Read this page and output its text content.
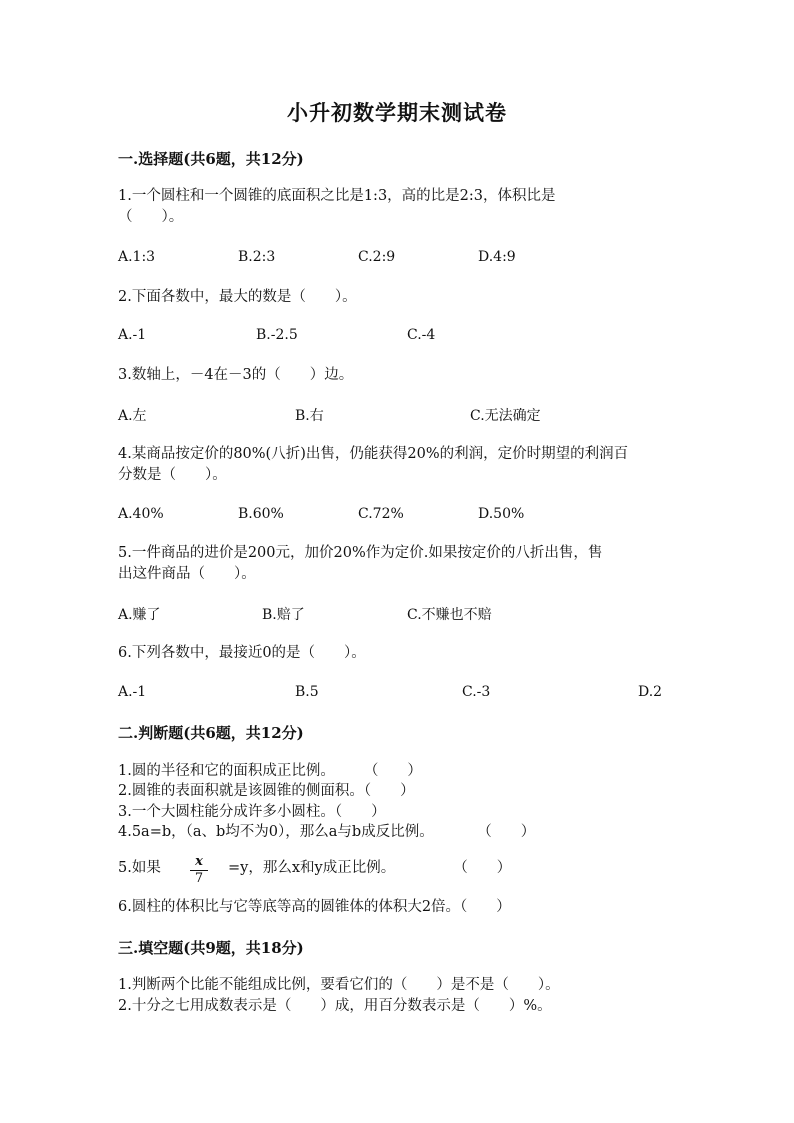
小升初数学期末测试卷
一.选择题(共6题，共12分)
1.一个圆柱和一个圆锥的底面积之比是1:3，高的比是2:3，体积比是
（　　）。
A.1:3	B.2:3	C.2:9	D.4:9
2.下面各数中，最大的数是（　　）。
A.-1	B.-2.5	C.-4
3.数轴上，－4在－3的（　　）边。
A.左	B.右	C.无法确定
4.某商品按定价的80%(八折)出售，仍能获得20%的利润，定价时期望的利润百
分数是（　　）。
A.40%	B.60%	C.72%	D.50%
5.一件商品的进价是200元，加价20%作为定价.如果按定价的八折出售，售
出这件商品（　　）。
A.赚了	B.赔了	C.不赚也不赔
6.下列各数中，最接近0的是（　　）。
A.-1	B.5	C.-3	D.2
二.判断题(共6题，共12分)
1.圆的半径和它的面积成正比例。　　　（　　）
2.圆锥的表面积就是该圆锥的侧面积。（　　）
3.一个大圆柱能分成许多小圆柱。（　　）
4.5a=b，（a、b均不为0），那么a与b成反比例。　　　　（　　）
5.如果	$\frac{x}{7} =y$，那么x和y成正比例。　　　　　（　　）
6.圆柱的体积比与它等底等高的圆锥体的体积大2倍。（　　）
三.填空题(共9题，共18分)
1.判断两个比能不能组成比例，要看它们的（　　）是不是（　　）。
2.十分之七用成数表示是（　　）成，用百分数表示是（　　）%。
